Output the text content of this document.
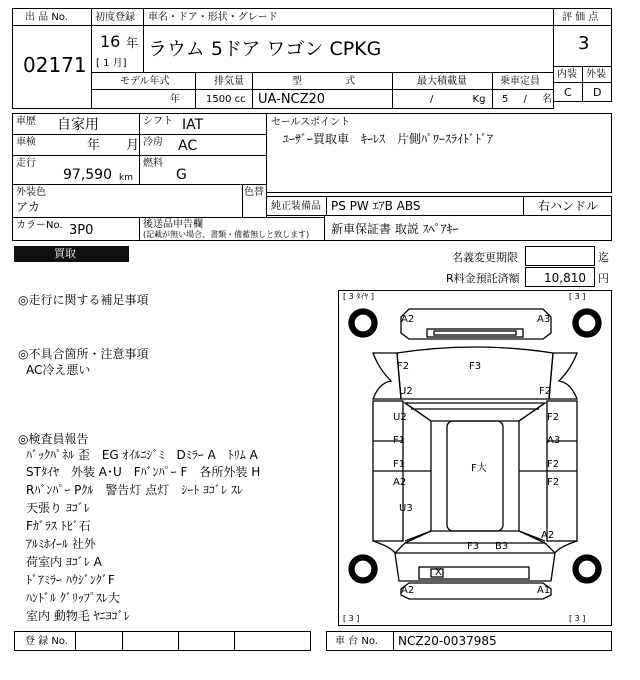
出 品 No.
02171
初度登録
16 年
[ 1 月]
車名・ドア・形状・グレード
ラウム 5ドア ワゴン CPKG
評 価 点
3
内装 外装
C D
モデル年式	排気量	型 式	最大積載量	乗車定員
年	1500 cc UA-NCZ20	/ Kg 5 / 名
車歴 自家用	シフト IAT
車検	年 月 冷房 AC
走行
97,590 km
燃料
G
外装色
アカ
色替
カラーNo. 3P0	後送品申告欄
(記載が無い場合、書類・備蓄無しと致します)
セールスポイント
ﾕｰｻﾞｰ買取車　ｷｰﾚｽ　片側ﾊﾟﾜｰｽﾗｲﾄﾞﾄﾞｱ
純正装備品 PS PW ｴｱB ABS	右ハンドル
新車保証書 取説 ｽﾍﾟｱｷｰ
買取	名義変更期限	迄
R料金預託済額 10,810 円
◎走行に関する補足事項
◎不具合箇所・注意事項
AC冷え悪い
◎検査員報告
ﾊﾞｯｸﾊﾟﾈﾙ 歪　EG ｵｲﾙﾆｼﾞﾐ　Dﾐﾗｰ A　ﾄﾘﾑ A
STﾀｲﾔ　外装 A･U　Fﾊﾞﾝﾊﾟｰ F　各所外装 H
Rﾊﾞﾝﾊﾟｰ Pｸﾙ　警告灯 点灯　ｼｰﾄ ﾖｺﾞﾚ ｽﾚ
天張り ﾖｺﾞﾚ
Fｶﾞﾗｽ ﾄﾋﾞ石
ｱﾙﾐﾎｲｰﾙ 社外
荷室内 ﾖｺﾞﾚ A
ﾄﾞｱﾐﾗｰ ﾊｳｼﾞﾝｸﾞF
ﾊﾝﾄﾞﾙ ｸﾞﾘｯﾌﾟｽﾚ大
室内 動物毛 ﾔﾆﾖｺﾞﾚ
[ 3 ﾀｲﾔ ]	[ 3 ]
[ 3 ]	[ 3 ]
A2	A3
F2	F3
U2	F2
U2	F2
F1	A3
F1	F大	F2
A2	F2
U3
A2
F3 B3
X
A2	A1
登 録 No.	車 台 No. NCZ20-0037985
